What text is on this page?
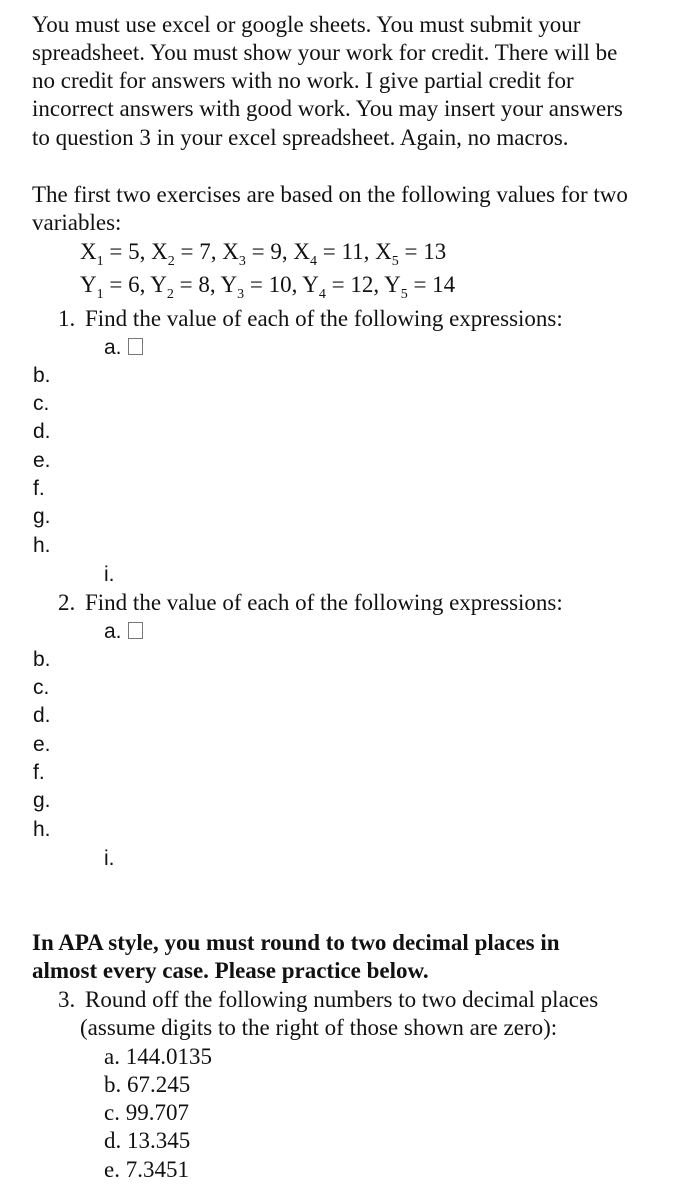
You must use excel or google sheets. You must submit your
spreadsheet. You must show your work for credit. There will be
no credit for answers with no work. I give partial credit for
incorrect answers with good work. You may insert your answers
to question 3 in your excel spreadsheet. Again, no macros.
The first two exercises are based on the following values for two
variables:
$X_1 = 5$, $X_2 = 7$, $X_3 = 9$, $X_4 = 11$, $X_5 = 13$
$Y_1 = 6$, $Y_2 = 8$, $Y_3 = 10$, $Y_4 = 12$, $Y_5 = 14$
1. Find the value of each of the following expressions:
a.
b.
c.
d.
e.
f.
g.
h.
i.
2. Find the value of each of the following expressions:
a.
b.
c.
d.
e.
f.
g.
h.
i.
In APA style, you must round to two decimal places in
almost every case. Please practice below.
3. Round off the following numbers to two decimal places
(assume digits to the right of those shown are zero):
a. 144.0135
b. 67.245
c. 99.707
d. 13.345
e. 7.3451
